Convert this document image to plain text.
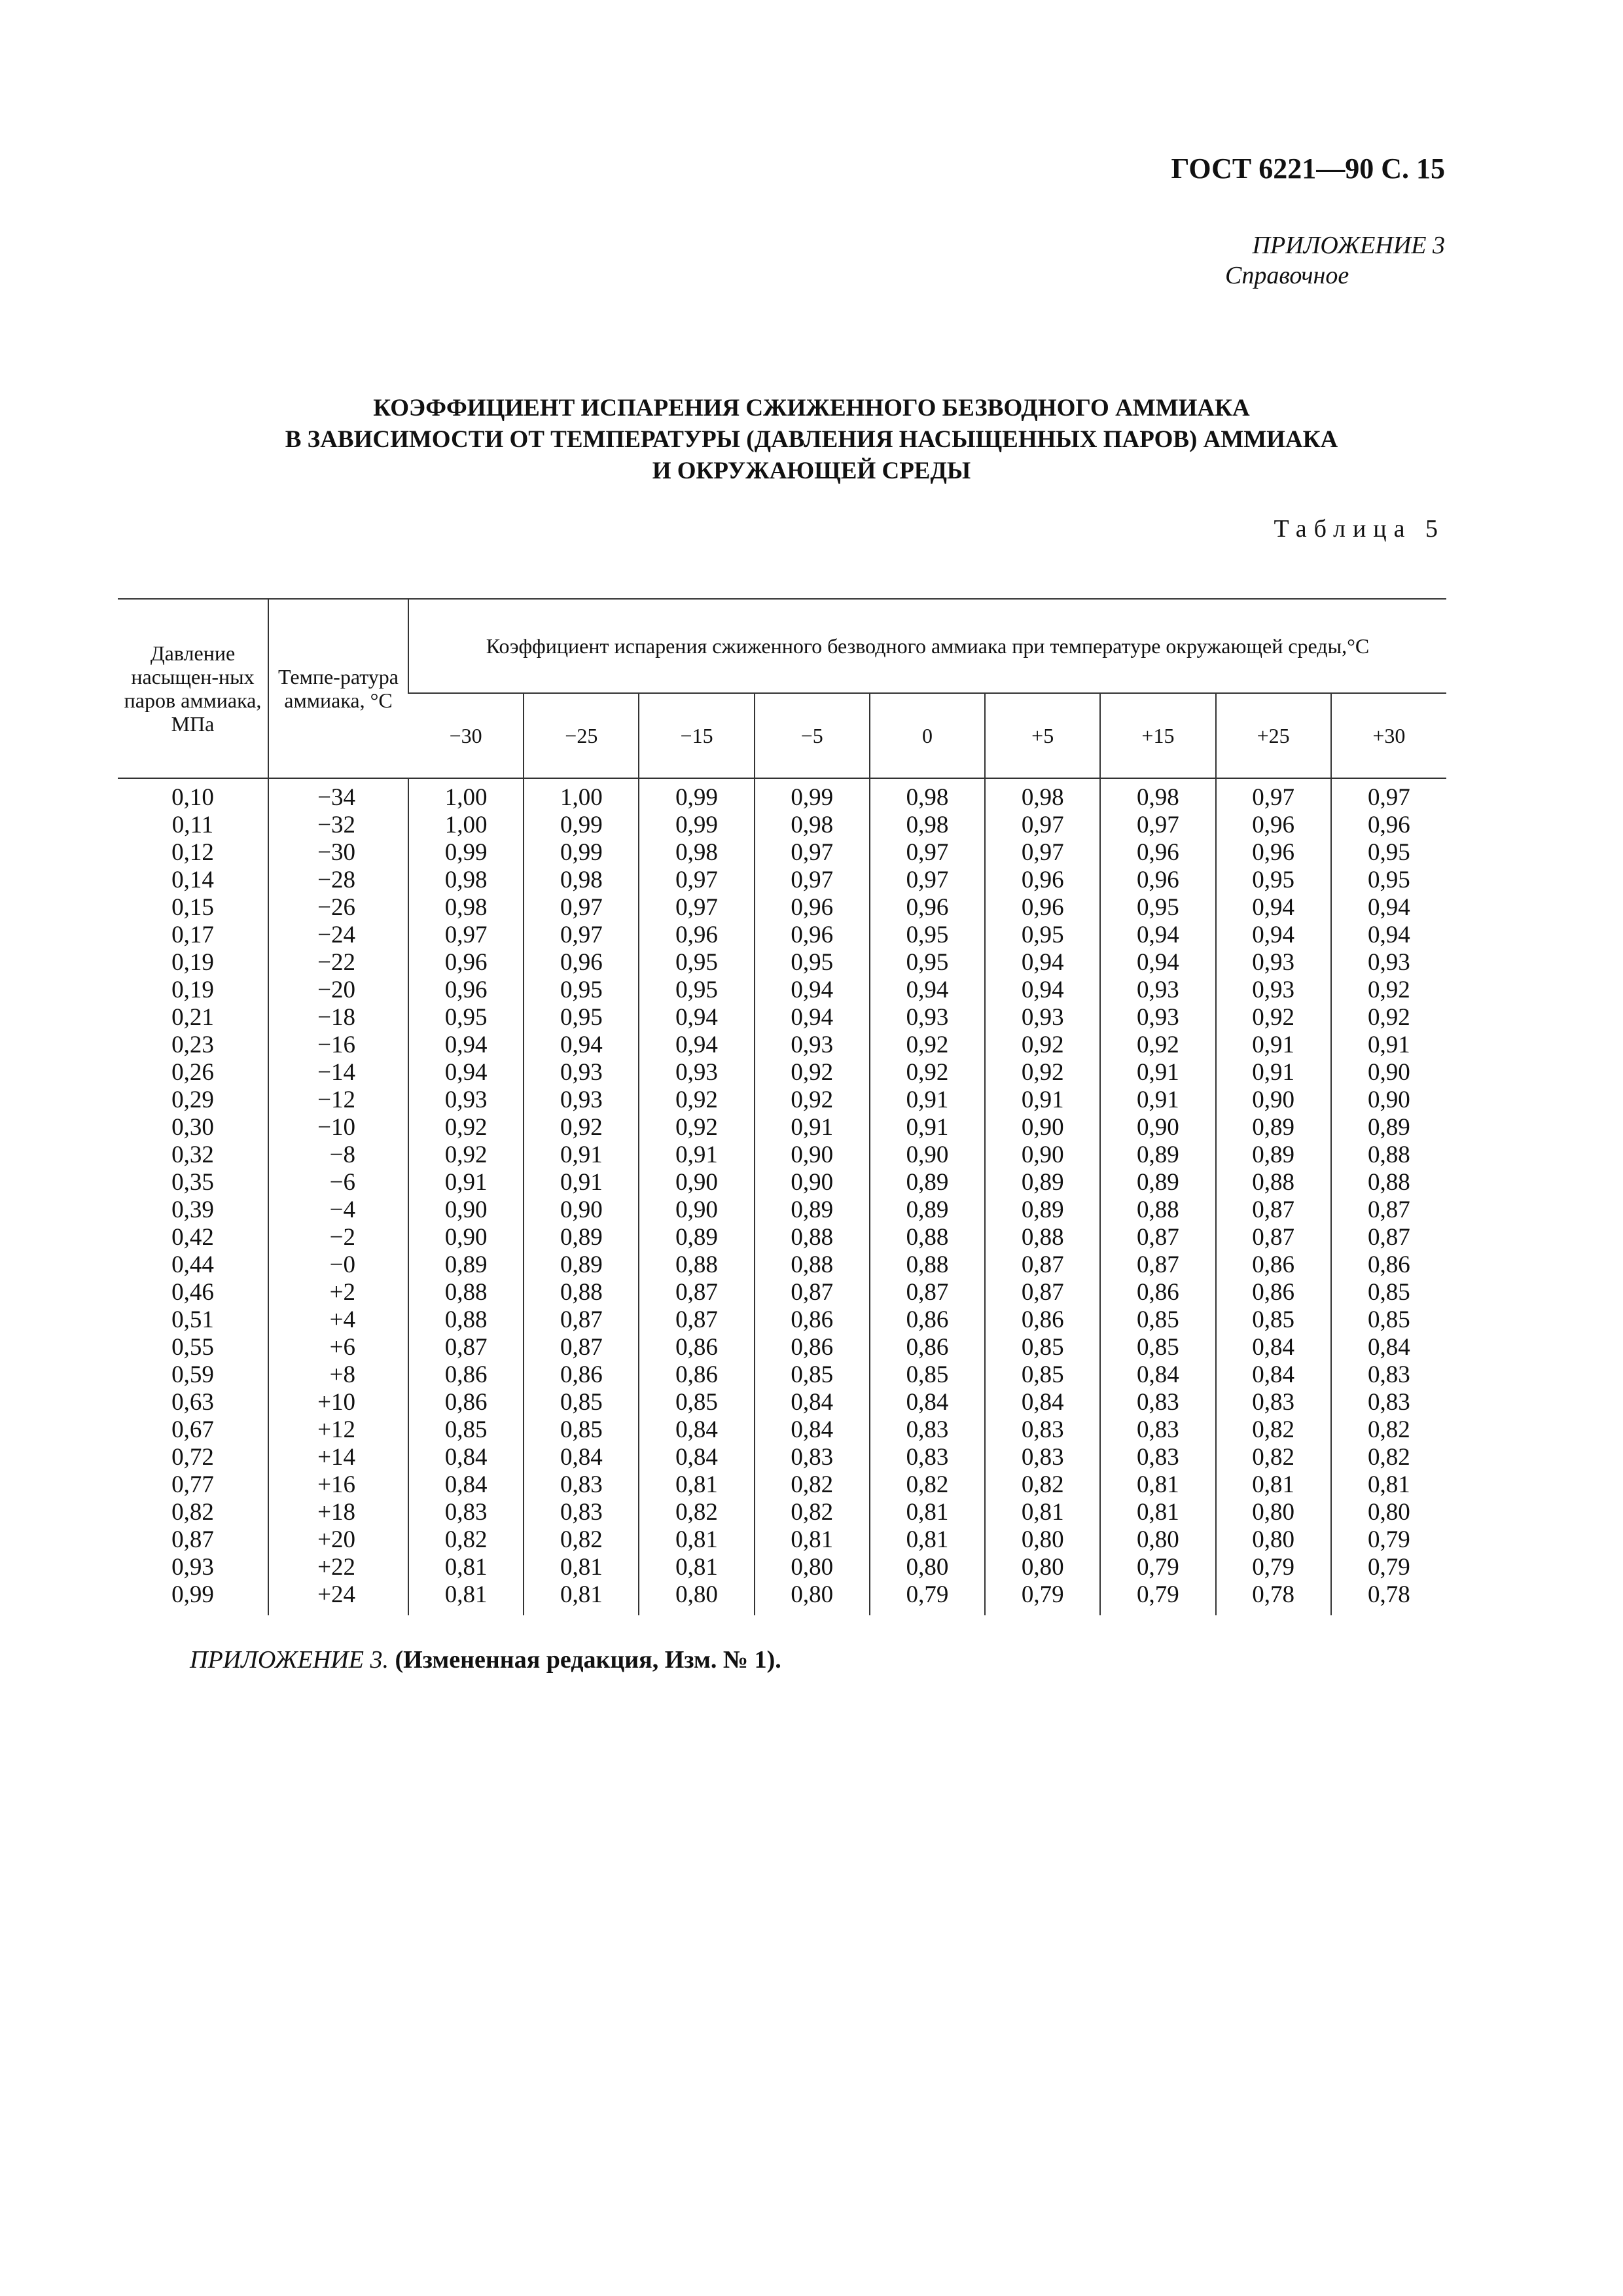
ГОСТ 6221—90 С. 15
ПРИЛОЖЕНИЕ 3
Справочное
КОЭФФИЦИЕНТ ИСПАРЕНИЯ СЖИЖЕННОГО БЕЗВОДНОГО АММИАКА
В ЗАВИСИМОСТИ ОТ ТЕМПЕРАТУРЫ (ДАВЛЕНИЯ НАСЫЩЕННЫХ ПАРОВ) АММИАКА
И ОКРУЖАЮЩЕЙ СРЕДЫ
Таблица 5
Давление насыщен-ных паров аммиака, МПа	Темпе-ратура аммиака, °С	Коэффициент испарения сжиженного безводного аммиака при температуре окружающей среды,°С								
		−30	−25	−15	−5	0	+5	+15	+25	+30

0,10	−34	1,00	1,00	0,99	0,99	0,98	0,98	0,98	0,97	0,97
0,11	−32	1,00	0,99	0,99	0,98	0,98	0,97	0,97	0,96	0,96
0,12	−30	0,99	0,99	0,98	0,97	0,97	0,97	0,96	0,96	0,95
0,14	−28	0,98	0,98	0,97	0,97	0,97	0,96	0,96	0,95	0,95
0,15	−26	0,98	0,97	0,97	0,96	0,96	0,96	0,95	0,94	0,94
0,17	−24	0,97	0,97	0,96	0,96	0,95	0,95	0,94	0,94	0,94
0,19	−22	0,96	0,96	0,95	0,95	0,95	0,94	0,94	0,93	0,93
0,19	−20	0,96	0,95	0,95	0,94	0,94	0,94	0,93	0,93	0,92
0,21	−18	0,95	0,95	0,94	0,94	0,93	0,93	0,93	0,92	0,92
0,23	−16	0,94	0,94	0,94	0,93	0,92	0,92	0,92	0,91	0,91
0,26	−14	0,94	0,93	0,93	0,92	0,92	0,92	0,91	0,91	0,90
0,29	−12	0,93	0,93	0,92	0,92	0,91	0,91	0,91	0,90	0,90
0,30	−10	0,92	0,92	0,92	0,91	0,91	0,90	0,90	0,89	0,89
0,32	−8	0,92	0,91	0,91	0,90	0,90	0,90	0,89	0,89	0,88
0,35	−6	0,91	0,91	0,90	0,90	0,89	0,89	0,89	0,88	0,88
0,39	−4	0,90	0,90	0,90	0,89	0,89	0,89	0,88	0,87	0,87
0,42	−2	0,90	0,89	0,89	0,88	0,88	0,88	0,87	0,87	0,87
0,44	−0	0,89	0,89	0,88	0,88	0,88	0,87	0,87	0,86	0,86
0,46	+2	0,88	0,88	0,87	0,87	0,87	0,87	0,86	0,86	0,85
0,51	+4	0,88	0,87	0,87	0,86	0,86	0,86	0,85	0,85	0,85
0,55	+6	0,87	0,87	0,86	0,86	0,86	0,85	0,85	0,84	0,84
0,59	+8	0,86	0,86	0,86	0,85	0,85	0,85	0,84	0,84	0,83
0,63	+10	0,86	0,85	0,85	0,84	0,84	0,84	0,83	0,83	0,83
0,67	+12	0,85	0,85	0,84	0,84	0,83	0,83	0,83	0,82	0,82
0,72	+14	0,84	0,84	0,84	0,83	0,83	0,83	0,83	0,82	0,82
0,77	+16	0,84	0,83	0,81	0,82	0,82	0,82	0,81	0,81	0,81
0,82	+18	0,83	0,83	0,82	0,82	0,81	0,81	0,81	0,80	0,80
0,87	+20	0,82	0,82	0,81	0,81	0,81	0,80	0,80	0,80	0,79
0,93	+22	0,81	0,81	0,81	0,80	0,80	0,80	0,79	0,79	0,79
0,99	+24	0,81	0,81	0,80	0,80	0,79	0,79	0,79	0,78	0,78

ПРИЛОЖЕНИЕ 3. (Измененная редакция, Изм. № 1).
